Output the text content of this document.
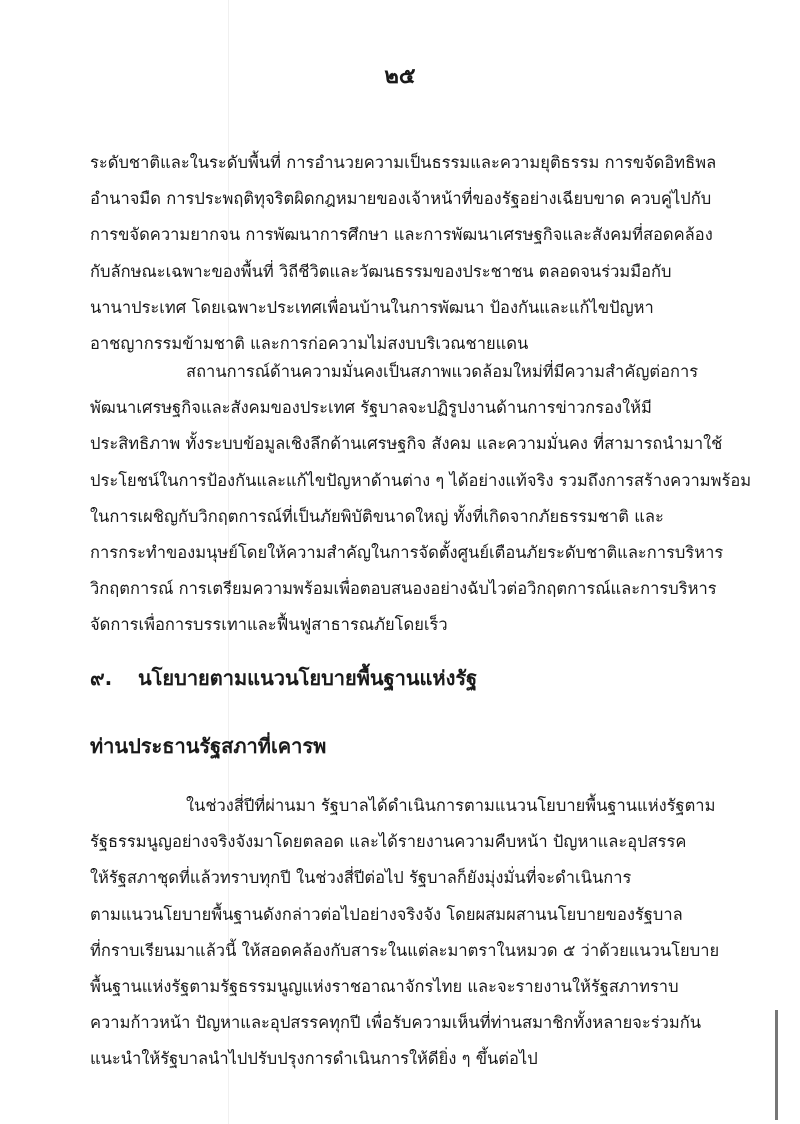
๒๕

ระดับชาติและในระดับพื้นที่ การอำนวยความเป็นธรรมและความยุติธรรม การขจัดอิทธิพล
อำนาจมืด การประพฤติทุจริตผิดกฎหมายของเจ้าหน้าที่ของรัฐอย่างเฉียบขาด ควบคู่ไปกับ
การขจัดความยากจน การพัฒนาการศึกษา และการพัฒนาเศรษฐกิจและสังคมที่สอดคล้อง
กับลักษณะเฉพาะของพื้นที่ วิถีชีวิตและวัฒนธรรมของประชาชน ตลอดจนร่วมมือกับ
นานาประเทศ โดยเฉพาะประเทศเพื่อนบ้านในการพัฒนา ป้องกันและแก้ไขปัญหา
อาชญากรรมข้ามชาติ และการก่อความไม่สงบบริเวณชายแดน

สถานการณ์ด้านความมั่นคงเป็นสภาพแวดล้อมใหม่ที่มีความสำคัญต่อการ
พัฒนาเศรษฐกิจและสังคมของประเทศ รัฐบาลจะปฏิรูปงานด้านการข่าวกรองให้มี
ประสิทธิภาพ ทั้งระบบข้อมูลเชิงลึกด้านเศรษฐกิจ สังคม และความมั่นคง ที่สามารถนำมาใช้
ประโยชน์ในการป้องกันและแก้ไขปัญหาด้านต่าง ๆ ได้อย่างแท้จริง รวมถึงการสร้างความพร้อม
ในการเผชิญกับวิกฤตการณ์ที่เป็นภัยพิบัติขนาดใหญ่ ทั้งที่เกิดจากภัยธรรมชาติ และ
การกระทำของมนุษย์โดยให้ความสำคัญในการจัดตั้งศูนย์เตือนภัยระดับชาติและการบริหาร
วิกฤตการณ์ การเตรียมความพร้อมเพื่อตอบสนองอย่างฉับไวต่อวิกฤตการณ์และการบริหาร
จัดการเพื่อการบรรเทาและฟื้นฟูสาธารณภัยโดยเร็ว

๙. นโยบายตามแนวนโยบายพื้นฐานแห่งรัฐ
ท่านประธานรัฐสภาที่เคารพ

ในช่วงสี่ปีที่ผ่านมา รัฐบาลได้ดำเนินการตามแนวนโยบายพื้นฐานแห่งรัฐตาม
รัฐธรรมนูญอย่างจริงจังมาโดยตลอด และได้รายงานความคืบหน้า ปัญหาและอุปสรรค
ให้รัฐสภาชุดที่แล้วทราบทุกปี ในช่วงสี่ปีต่อไป รัฐบาลก็ยังมุ่งมั่นที่จะดำเนินการ
ตามแนวนโยบายพื้นฐานดังกล่าวต่อไปอย่างจริงจัง โดยผสมผสานนโยบายของรัฐบาล
ที่กราบเรียนมาแล้วนี้ ให้สอดคล้องกับสาระในแต่ละมาตราในหมวด ๕ ว่าด้วยแนวนโยบาย
พื้นฐานแห่งรัฐตามรัฐธรรมนูญแห่งราชอาณาจักรไทย และจะรายงานให้รัฐสภาทราบ
ความก้าวหน้า ปัญหาและอุปสรรคทุกปี เพื่อรับความเห็นที่ท่านสมาชิกทั้งหลายจะร่วมกัน
แนะนำให้รัฐบาลนำไปปรับปรุงการดำเนินการให้ดียิ่ง ๆ ขึ้นต่อไป
